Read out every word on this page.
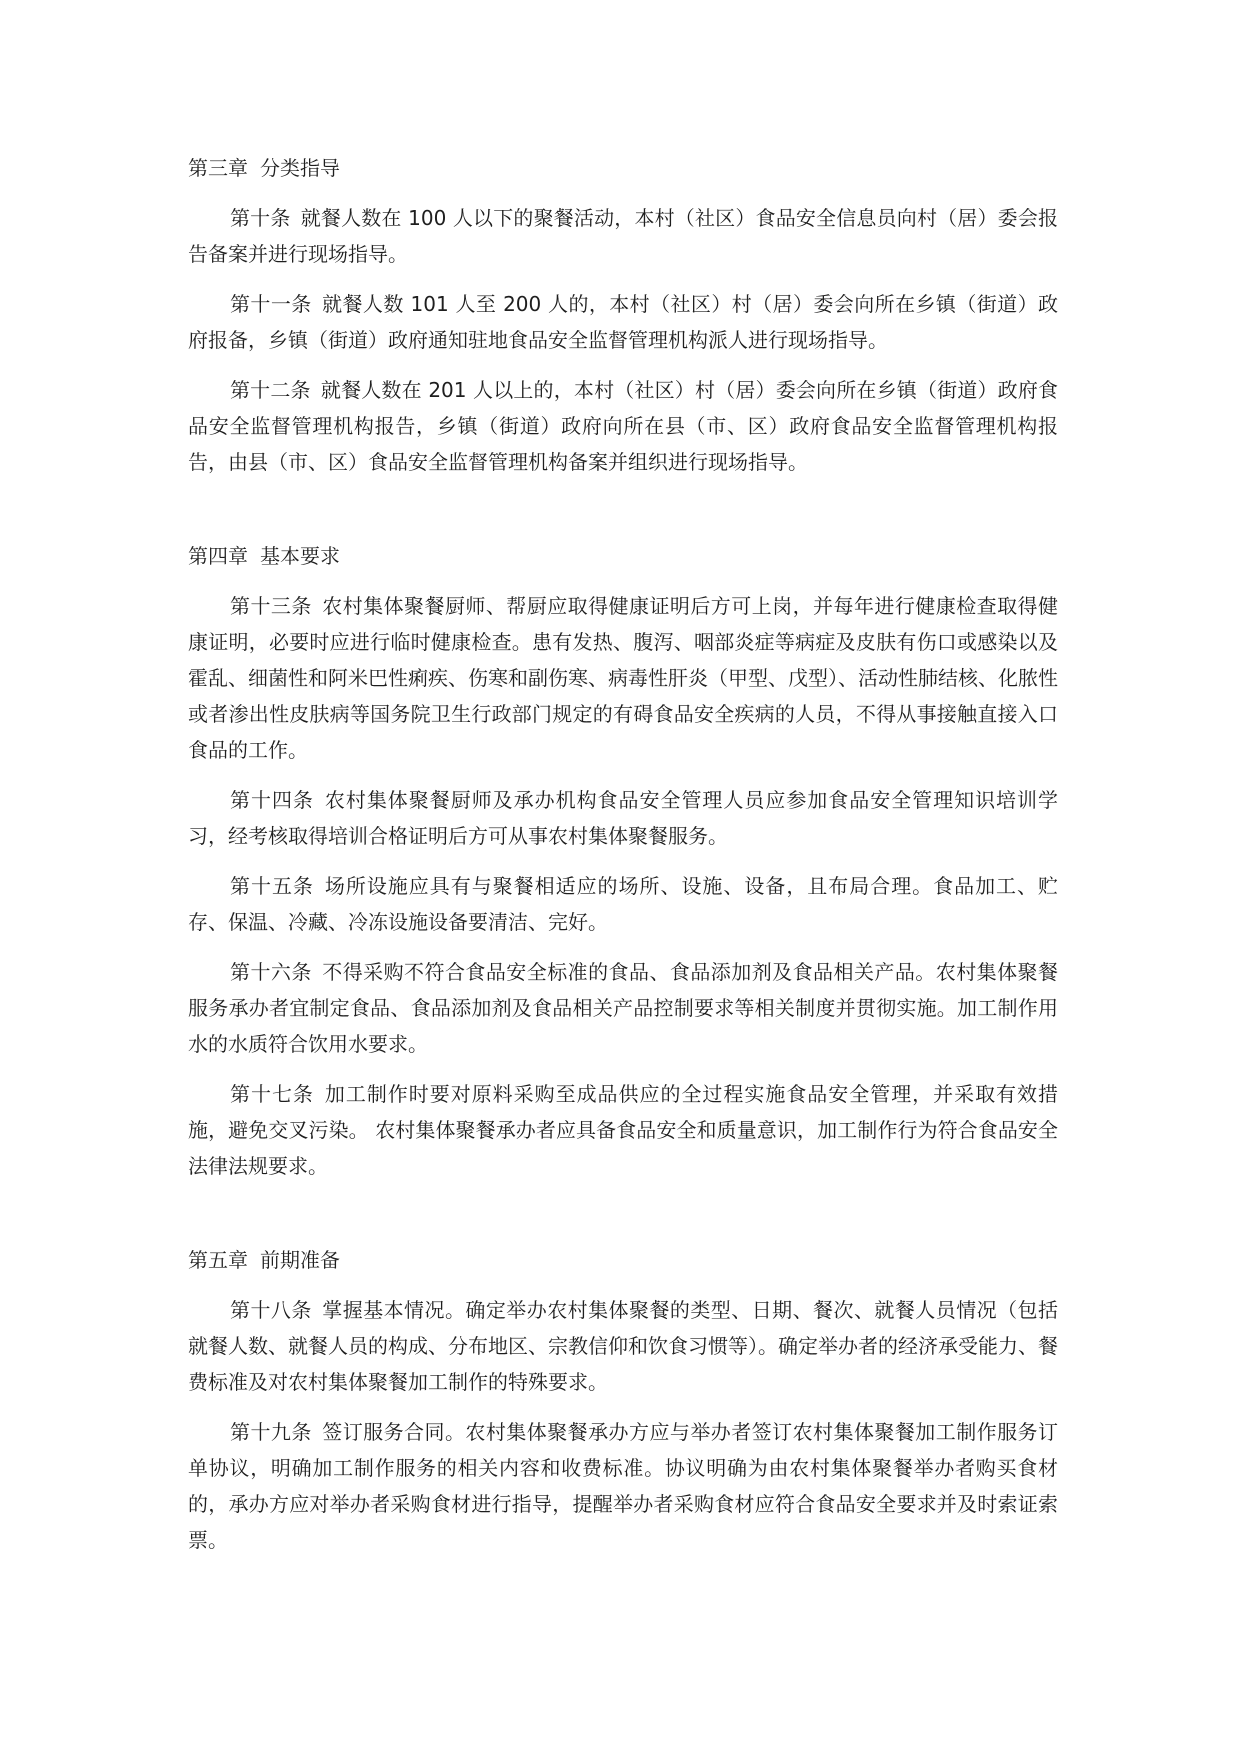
第三章 分类指导

第十条 就餐人数在 100 人以下的聚餐活动，本村（社区）食品安全信息员向村（居）委会报告备案并进行现场指导。

第十一条 就餐人数 101 人至 200 人的，本村（社区）村（居）委会向所在乡镇（街道）政府报备，乡镇（街道）政府通知驻地食品安全监督管理机构派人进行现场指导。

第十二条 就餐人数在 201 人以上的，本村（社区）村（居）委会向所在乡镇（街道）政府食品安全监督管理机构报告，乡镇（街道）政府向所在县（市、区）政府食品安全监督管理机构报告，由县（市、区）食品安全监督管理机构备案并组织进行现场指导。

第四章 基本要求

第十三条 农村集体聚餐厨师、帮厨应取得健康证明后方可上岗，并每年进行健康检查取得健康证明，必要时应进行临时健康检查。患有发热、腹泻、咽部炎症等病症及皮肤有伤口或感染以及霍乱、细菌性和阿米巴性痢疾、伤寒和副伤寒、病毒性肝炎（甲型、戊型）、活动性肺结核、化脓性或者渗出性皮肤病等国务院卫生行政部门规定的有碍食品安全疾病的人员，不得从事接触直接入口食品的工作。

第十四条 农村集体聚餐厨师及承办机构食品安全管理人员应参加食品安全管理知识培训学习，经考核取得培训合格证明后方可从事农村集体聚餐服务。

第十五条 场所设施应具有与聚餐相适应的场所、设施、设备，且布局合理。食品加工、贮存、保温、冷藏、冷冻设施设备要清洁、完好。

第十六条 不得采购不符合食品安全标准的食品、食品添加剂及食品相关产品。农村集体聚餐服务承办者宜制定食品、食品添加剂及食品相关产品控制要求等相关制度并贯彻实施。加工制作用水的水质符合饮用水要求。

第十七条 加工制作时要对原料采购至成品供应的全过程实施食品安全管理，并采取有效措施，避免交叉污染。 农村集体聚餐承办者应具备食品安全和质量意识，加工制作行为符合食品安全法律法规要求。

第五章 前期准备

第十八条 掌握基本情况。确定举办农村集体聚餐的类型、日期、餐次、就餐人员情况（包括就餐人数、就餐人员的构成、分布地区、宗教信仰和饮食习惯等）。确定举办者的经济承受能力、餐费标准及对农村集体聚餐加工制作的特殊要求。

第十九条 签订服务合同。农村集体聚餐承办方应与举办者签订农村集体聚餐加工制作服务订单协议，明确加工制作服务的相关内容和收费标准。协议明确为由农村集体聚餐举办者购买食材的，承办方应对举办者采购食材进行指导，提醒举办者采购食材应符合食品安全要求并及时索证索票。
